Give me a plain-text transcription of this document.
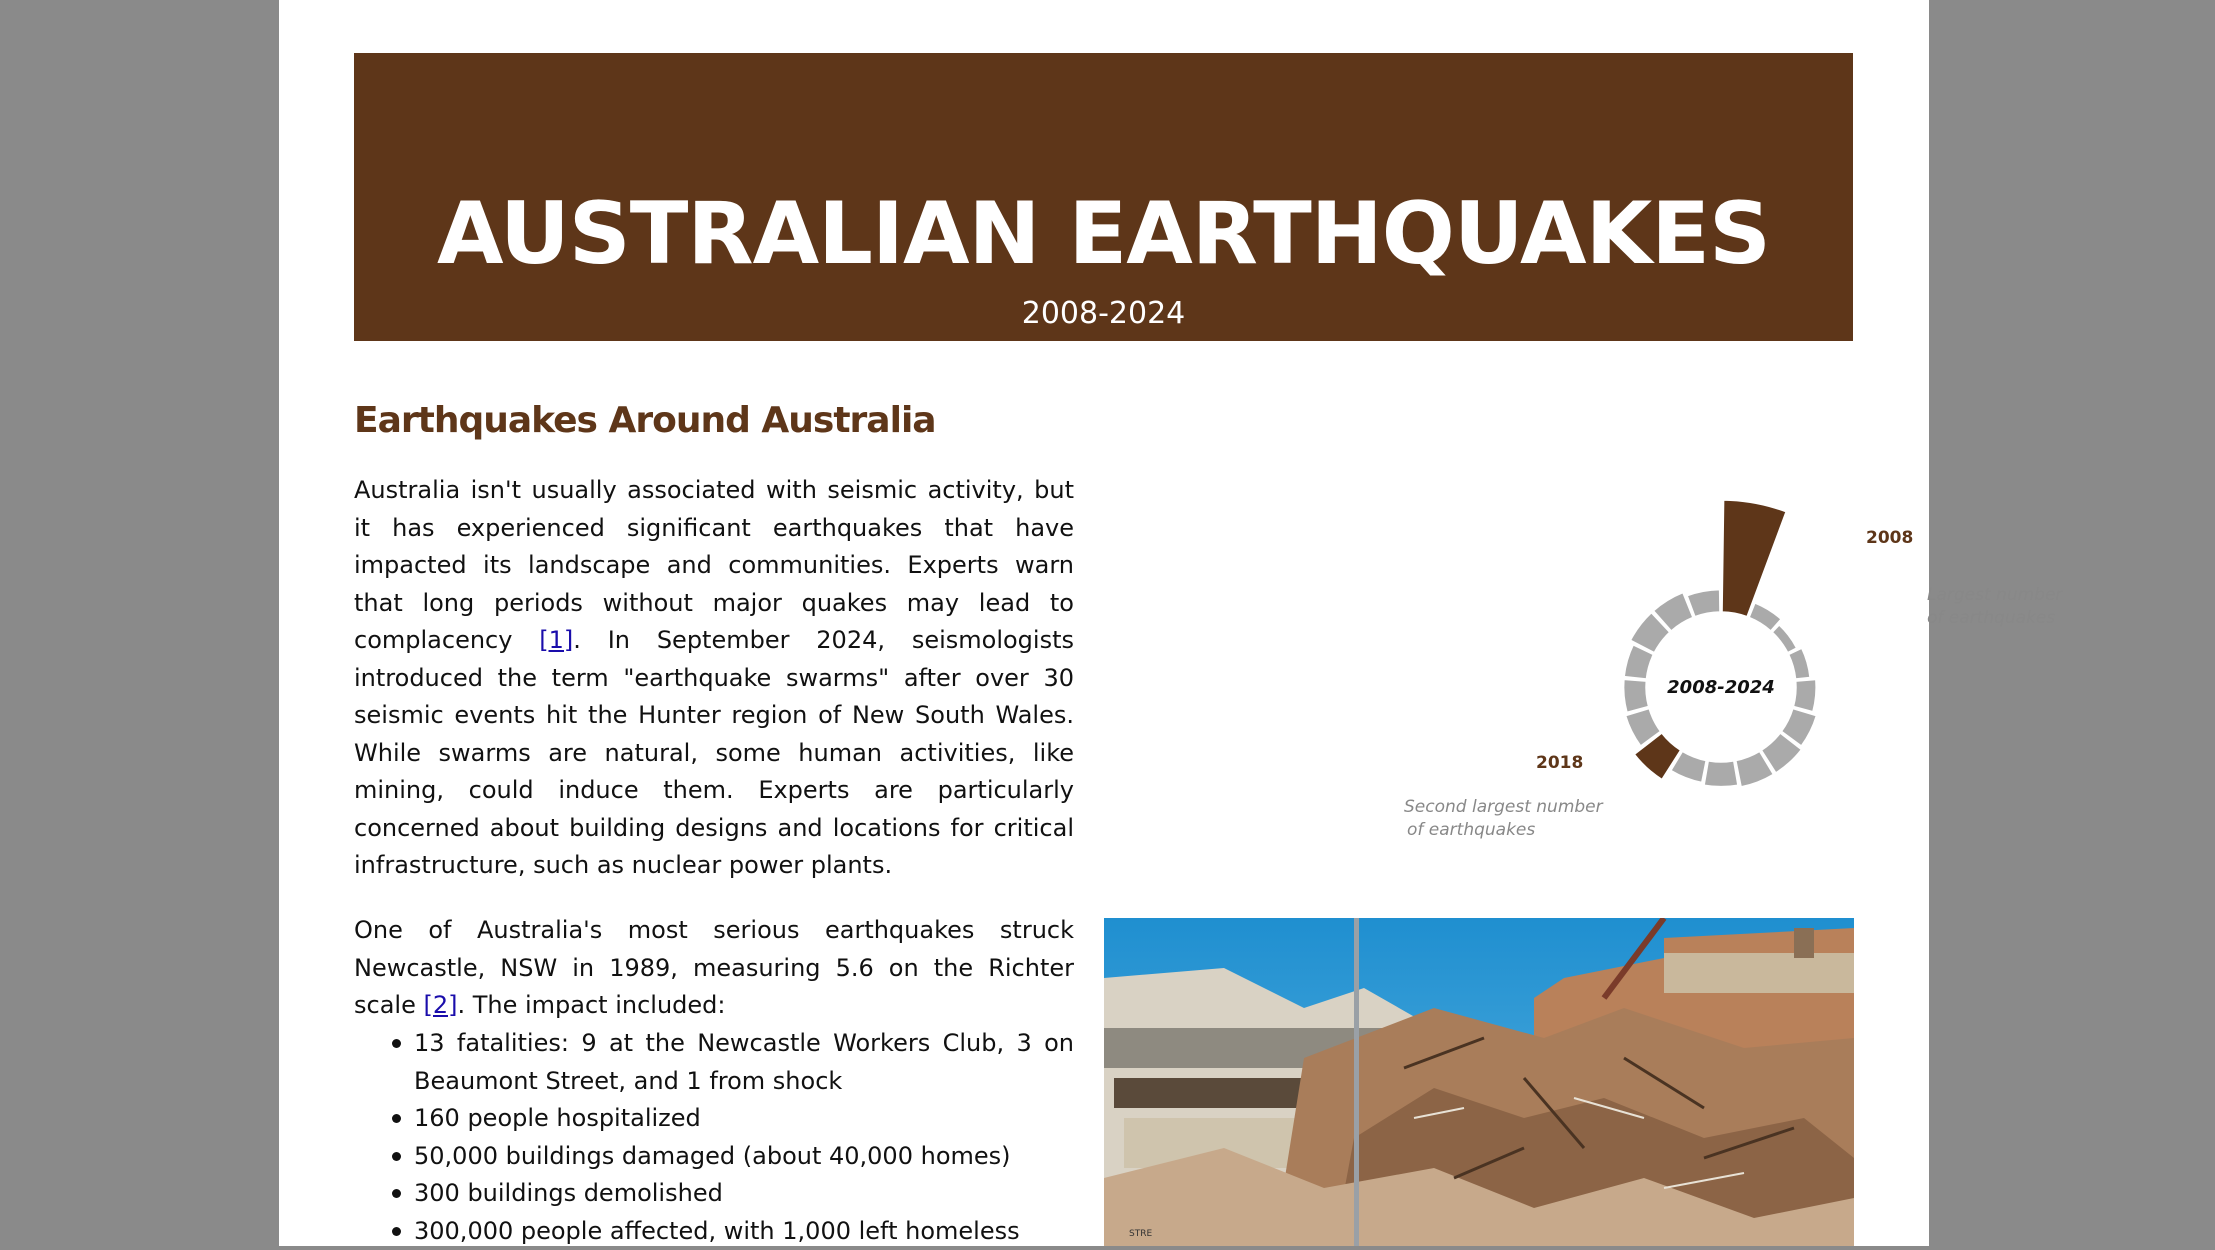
AUSTRALIAN EARTHQUAKES
2008-2024
Earthquakes Around Australia

Australia isn't usually associated with seismic activity, but it has experienced significant earthquakes that have impacted its landscape and communities. Experts warn that long periods without major quakes may lead to complacency [1]. In September 2024, seismologists introduced the term "earthquake swarms" after over 30 seismic events hit the Hunter region of New South Wales. While swarms are natural, some human activities, like mining, could induce them. Experts are particularly concerned about building designs and locations for critical infrastructure, such as nuclear power plants.

2008-2024
2008
2018
Largest number
of earthquakes
Second largest number
of earthquakes

One of Australia's most serious earthquakes struck Newcastle, NSW in 1989, measuring 5.6 on the Richter scale [2]. The impact included:

13 fatalities: 9 at the Newcastle Workers Club, 3 on Beaumont Street, and 1 from shock
160 people hospitalized
50,000 buildings damaged (about 40,000 homes)
300 buildings demolished
300,000 people affected, with 1,000 left homeless	STRE
